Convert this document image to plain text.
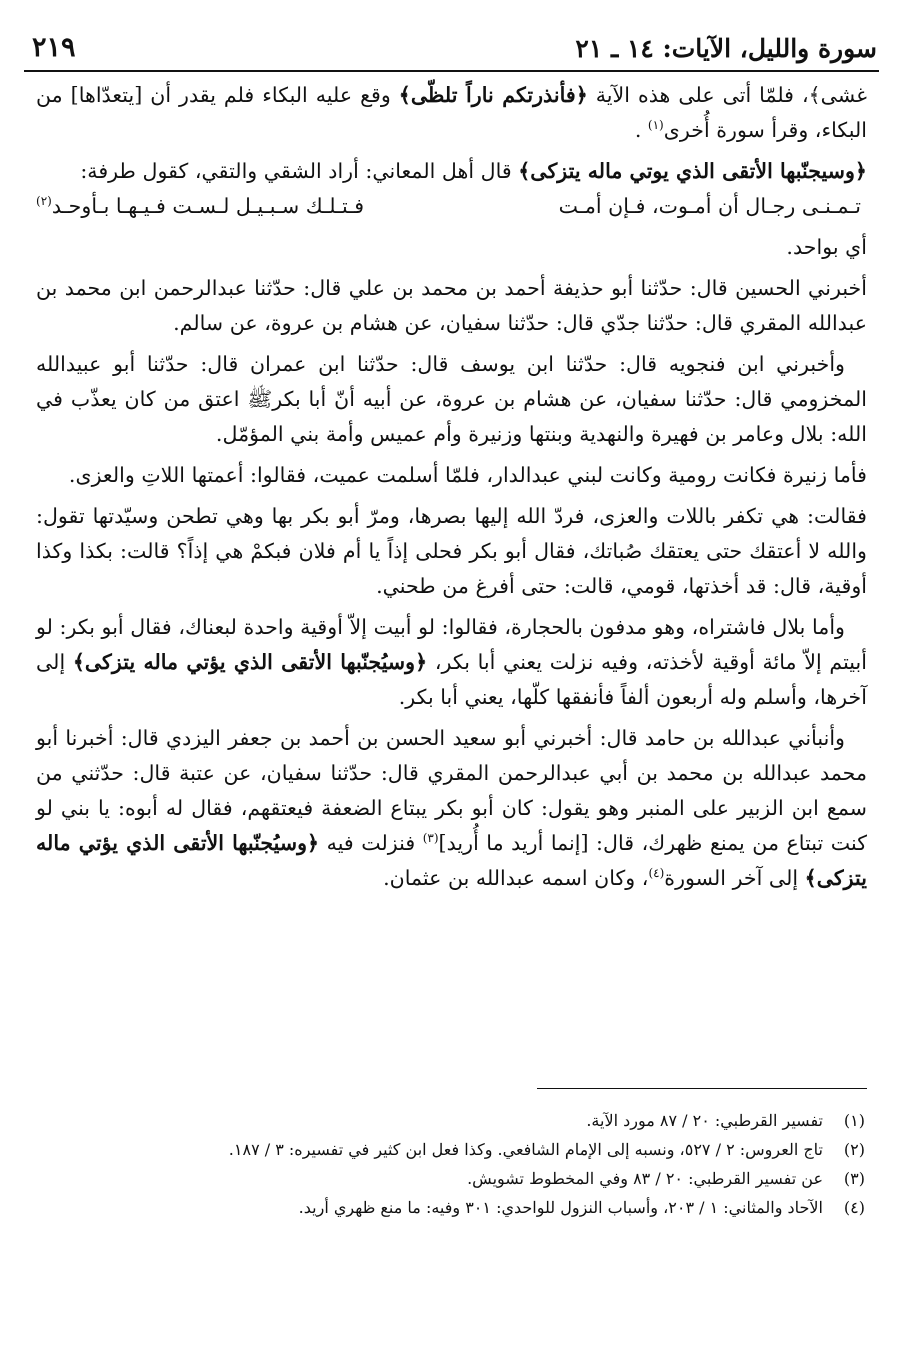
سورة والليل، الآيات: ١٤ ـ ٢١
٢١٩

غشى﴾، فلمّا أتى على هذه الآية ﴿فأنذرتكم ناراً تلظّى﴾ وقع عليه البكاء فلم يقدر أن [يتعدّاها] من البكاء، وقرأ سورة أُخرى$^{(١)}$ .

﴿وسيجنّبها الأتقى الذي يوتي ماله يتزكى﴾ قال أهل المعاني: أراد الشقي والتقي، كقول طرفة:

تـمـنـى رجـال أن أمـوت، فـإن أمـت
فـتـلـك سـبـيـل لـسـت فـيـهـا بـأوحـد$^{(٢)}$

أي بواحد.

أخبرني الحسين قال: حدّثنا أبو حذيفة أحمد بن محمد بن علي قال: حدّثنا عبدالرحمن ابن محمد بن عبدالله المقري قال: حدّثنا جدّي قال: حدّثنا سفيان، عن هشام بن عروة، عن سالم.

وأخبرني ابن فنجويه قال: حدّثنا ابن يوسف قال: حدّثنا ابن عمران قال: حدّثنا أبو عبيدالله المخزومي قال: حدّثنا سفيان، عن هشام بن عروة، عن أبيه أنّ أبا بكرﷺ اعتق من كان يعذّب في الله: بلال وعامر بن فهيرة والنهدية وبنتها وزنيرة وأم عميس وأمة بني المؤمّل.

فأما زنيرة فكانت رومية وكانت لبني عبدالدار، فلمّا أسلمت عميت، فقالوا: أعمتها اللاتِ والعزى.

فقالت: هي تكفر باللات والعزى، فردّ الله إليها بصرها، ومرّ أبو بكر بها وهي تطحن وسيّدتها تقول: والله لا أعتقك حتى يعتقك صُباتك، فقال أبو بكر فحلى إذاً يا أم فلان فبكمْ هي إذاً؟ قالت: بكذا وكذا أوقية، قال: قد أخذتها، قومي، قالت: حتى أفرغ من طحني.

وأما بلال فاشتراه، وهو مدفون بالحجارة، فقالوا: لو أبيت إلاّ أوقية واحدة لبعناك، فقال أبو بكر: لو أبيتم إلاّ مائة أوقية لأخذته، وفيه نزلت يعني أبا بكر، ﴿وسيُجنّبها الأتقى الذي يؤتي ماله يتزكى﴾ إلى آخرها، وأسلم وله أربعون ألفاً فأنفقها كلّها، يعني أبا بكر.

وأنبأني عبدالله بن حامد قال: أخبرني أبو سعيد الحسن بن أحمد بن جعفر اليزدي قال: أخبرنا أبو محمد عبدالله بن محمد بن أبي عبدالرحمن المقري قال: حدّثنا سفيان، عن عتبة قال: حدّثني من سمع ابن الزبير على المنبر وهو يقول: كان أبو بكر يبتاع الضعفة فيعتقهم، فقال له أبوه: يا بني لو كنت تبتاع من يمنع ظهرك، قال: [إنما أريد ما أُريد]$^{(٣)}$ فنزلت فيه ﴿وسيُجنّبها الأتقى الذي يؤتي ماله يتزكى﴾ إلى آخر السورة$^{(٤)}$، وكان اسمه عبدالله بن عثمان.

(١)
تفسير القرطبي: ٢٠ / ٨٧ مورد الآية.
(٢)
تاج العروس: ٢ / ٥٢٧، ونسبه إلى الإمام الشافعي. وكذا فعل ابن كثير في تفسيره: ٣ / ١٨٧.
(٣)
عن تفسير القرطبي: ٢٠ / ٨٣ وفي المخطوط تشويش.
(٤)
الآحاد والمثاني: ١ / ٢٠٣، وأسباب النزول للواحدي: ٣٠١ وفيه: ما منع ظهري أريد.
